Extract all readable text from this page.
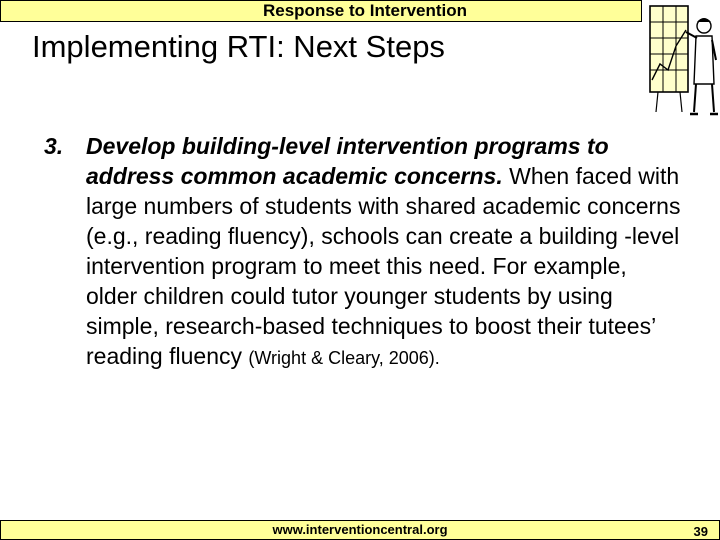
Response to Intervention
Implementing RTI: Next Steps
3. Develop building-level intervention programs to address common academic concerns. When faced with large numbers of students with shared academic concerns (e.g., reading fluency), schools can create a building -level intervention program to meet this need. For example, older children could tutor younger students by using simple, research-based techniques to boost their tutees’ reading fluency (Wright & Cleary, 2006).
www.interventioncentral.org	39
